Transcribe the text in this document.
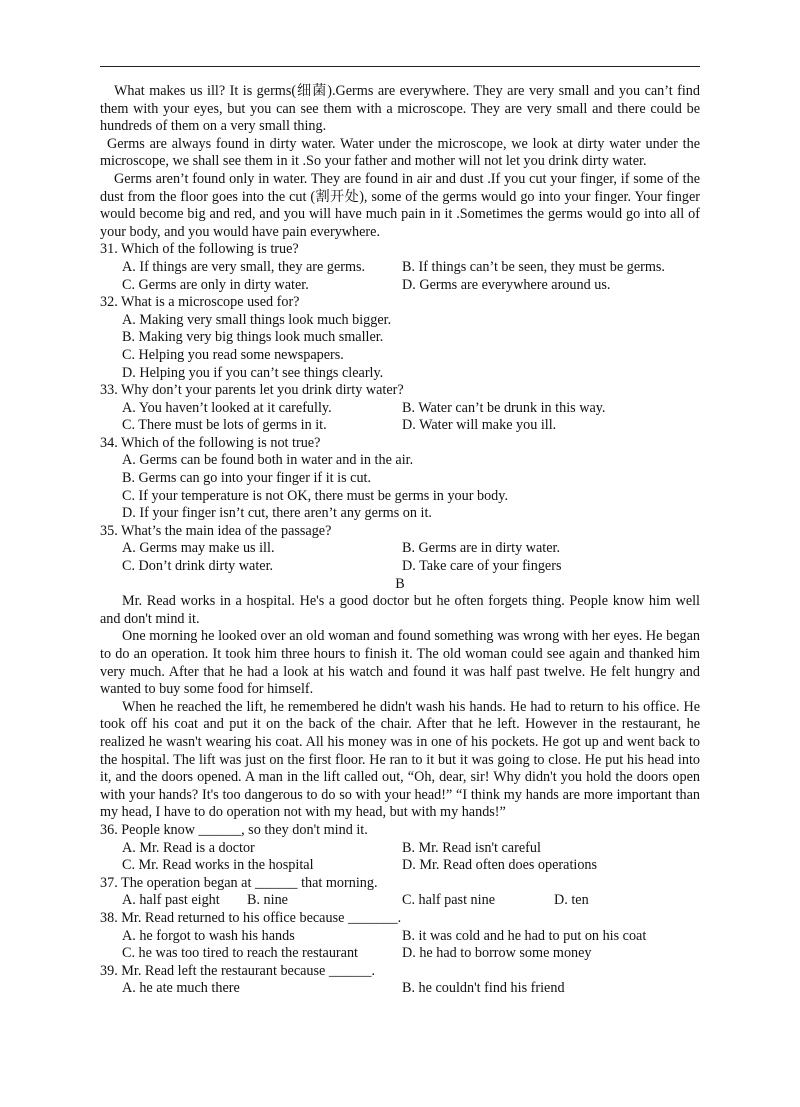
What makes us ill? It is germs(细菌).Germs are everywhere. They are very small and you can’t find them with your eyes, but you can see them with a microscope. They are very small and there could be hundreds of them on a very small thing.

Germs are always found in dirty water. Water under the microscope, we look at dirty water under the microscope, we shall see them in it .So your father and mother will not let you drink dirty water.

Germs aren’t found only in water. They are found in air and dust .If you cut your finger, if some of the dust from the floor goes into the cut (割开处), some of the germs would go into your finger. Your finger would become big and red, and you will have much pain in it .Sometimes the germs would go into all of your body, and you would have pain everywhere.

31. Which of the following is true?

A. If things are very small, they are germs.	B. If things can’t be seen, they must be germs.
C. Germs are only in dirty water.	D. Germs are everywhere around us.

32. What is a microscope used for?

A. Making very small things look much bigger.
B. Making very big things look much smaller.
C. Helping you read some newspapers.
D. Helping you if you can’t see things clearly.

33. Why don’t your parents let you drink dirty water?

A. You haven’t looked at it carefully.	B. Water can’t be drunk in this way.
C. There must be lots of germs in it.	D. Water will make you ill.

34. Which of the following is not true?

A. Germs can be found both in water and in the air.
B. Germs can go into your finger if it is cut.
C. If your temperature is not OK, there must be germs in your body.
D. If your finger isn’t cut, there aren’t any germs on it.

35. What’s the main idea of the passage?

A. Germs may make us ill.	B. Germs are in dirty water.
C. Don’t drink dirty water.	D. Take care of your fingers

B

Mr. Read works in a hospital. He's a good doctor but he often forgets thing. People know him well and don't mind it.

One morning he looked over an old woman and found something was wrong with her eyes. He began to do an operation. It took him three hours to finish it. The old woman could see again and thanked him very much. After that he had a look at his watch and found it was half past twelve. He felt hungry and wanted to buy some food for himself.

When he reached the lift, he remembered he didn't wash his hands. He had to return to his office. He took off his coat and put it on the back of the chair. After that he left. However in the restaurant, he realized he wasn't wearing his coat. All his money was in one of his pockets. He got up and went back to the hospital. The lift was just on the first floor. He ran to it but it was going to close. He put his head into it, and the doors opened. A man in the lift called out, “Oh, dear, sir! Why didn't you hold the doors open with your hands? It's too dangerous to do so with your head!” “I think my hands are more important than my head, I have to do operation not with my head, but with my hands!”

36. People know ______, so they don't mind it.

A. Mr. Read is a doctor	B. Mr. Read isn't careful
C. Mr. Read works in the hospital	D. Mr. Read often does operations

37. The operation began at ______ that morning.

A. half past eight	B. nine	C. half past nine	D. ten

38. Mr. Read returned to his office because _______.

A. he forgot to wash his hands	B. it was cold and he had to put on his coat
C. he was too tired to reach the restaurant	D. he had to borrow some money

39. Mr. Read left the restaurant because ______.

A. he ate much there	B. he couldn't find his friend
